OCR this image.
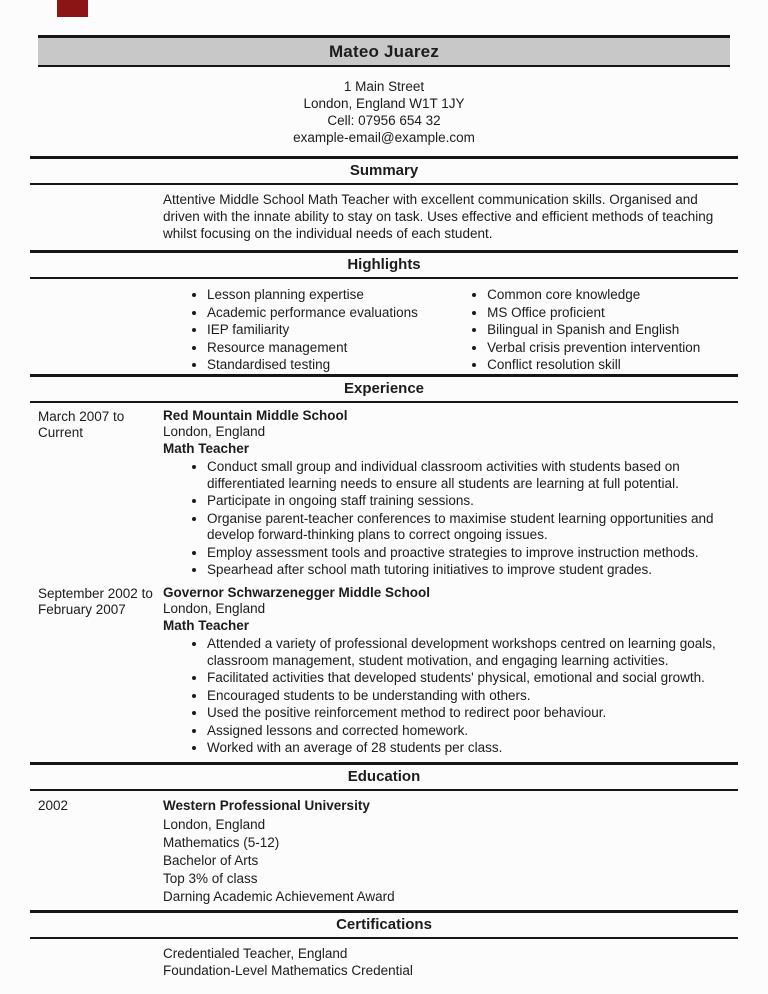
Mateo Juarez
1 Main Street
London, England W1T 1JY
Cell: 07956 654 32
example-email@example.com
Summary
Attentive Middle School Math Teacher with excellent communication skills. Organised and driven with the innate ability to stay on task. Uses effective and efficient methods of teaching whilst focusing on the individual needs of each student.
Highlights
• Lesson planning expertise
• Academic performance evaluations
• IEP familiarity
• Resource management
• Standardised testing
• Common core knowledge
• MS Office proficient
• Bilingual in Spanish and English
• Verbal crisis prevention intervention
• Conflict resolution skill
Experience
March 2007 to
Current
Red Mountain Middle School
London, England
Math Teacher
• Conduct small group and individual classroom activities with students based on differentiated learning needs to ensure all students are learning at full potential.
• Participate in ongoing staff training sessions.
• Organise parent-teacher conferences to maximise student learning opportunities and develop forward-thinking plans to correct ongoing issues.
• Employ assessment tools and proactive strategies to improve instruction methods.
• Spearhead after school math tutoring initiatives to improve student grades.
September 2002 to
February 2007
Governor Schwarzenegger Middle School
London, England
Math Teacher
• Attended a variety of professional development workshops centred on learning goals, classroom management, student motivation, and engaging learning activities.
• Facilitated activities that developed students' physical, emotional and social growth.
• Encouraged students to be understanding with others.
• Used the positive reinforcement method to redirect poor behaviour.
• Assigned lessons and corrected homework.
• Worked with an average of 28 students per class.
Education
2002	Western Professional University
London, England
Mathematics (5-12)
Bachelor of Arts
Top 3% of class
Darning Academic Achievement Award
Certifications
Credentialed Teacher, England
Foundation-Level Mathematics Credential
